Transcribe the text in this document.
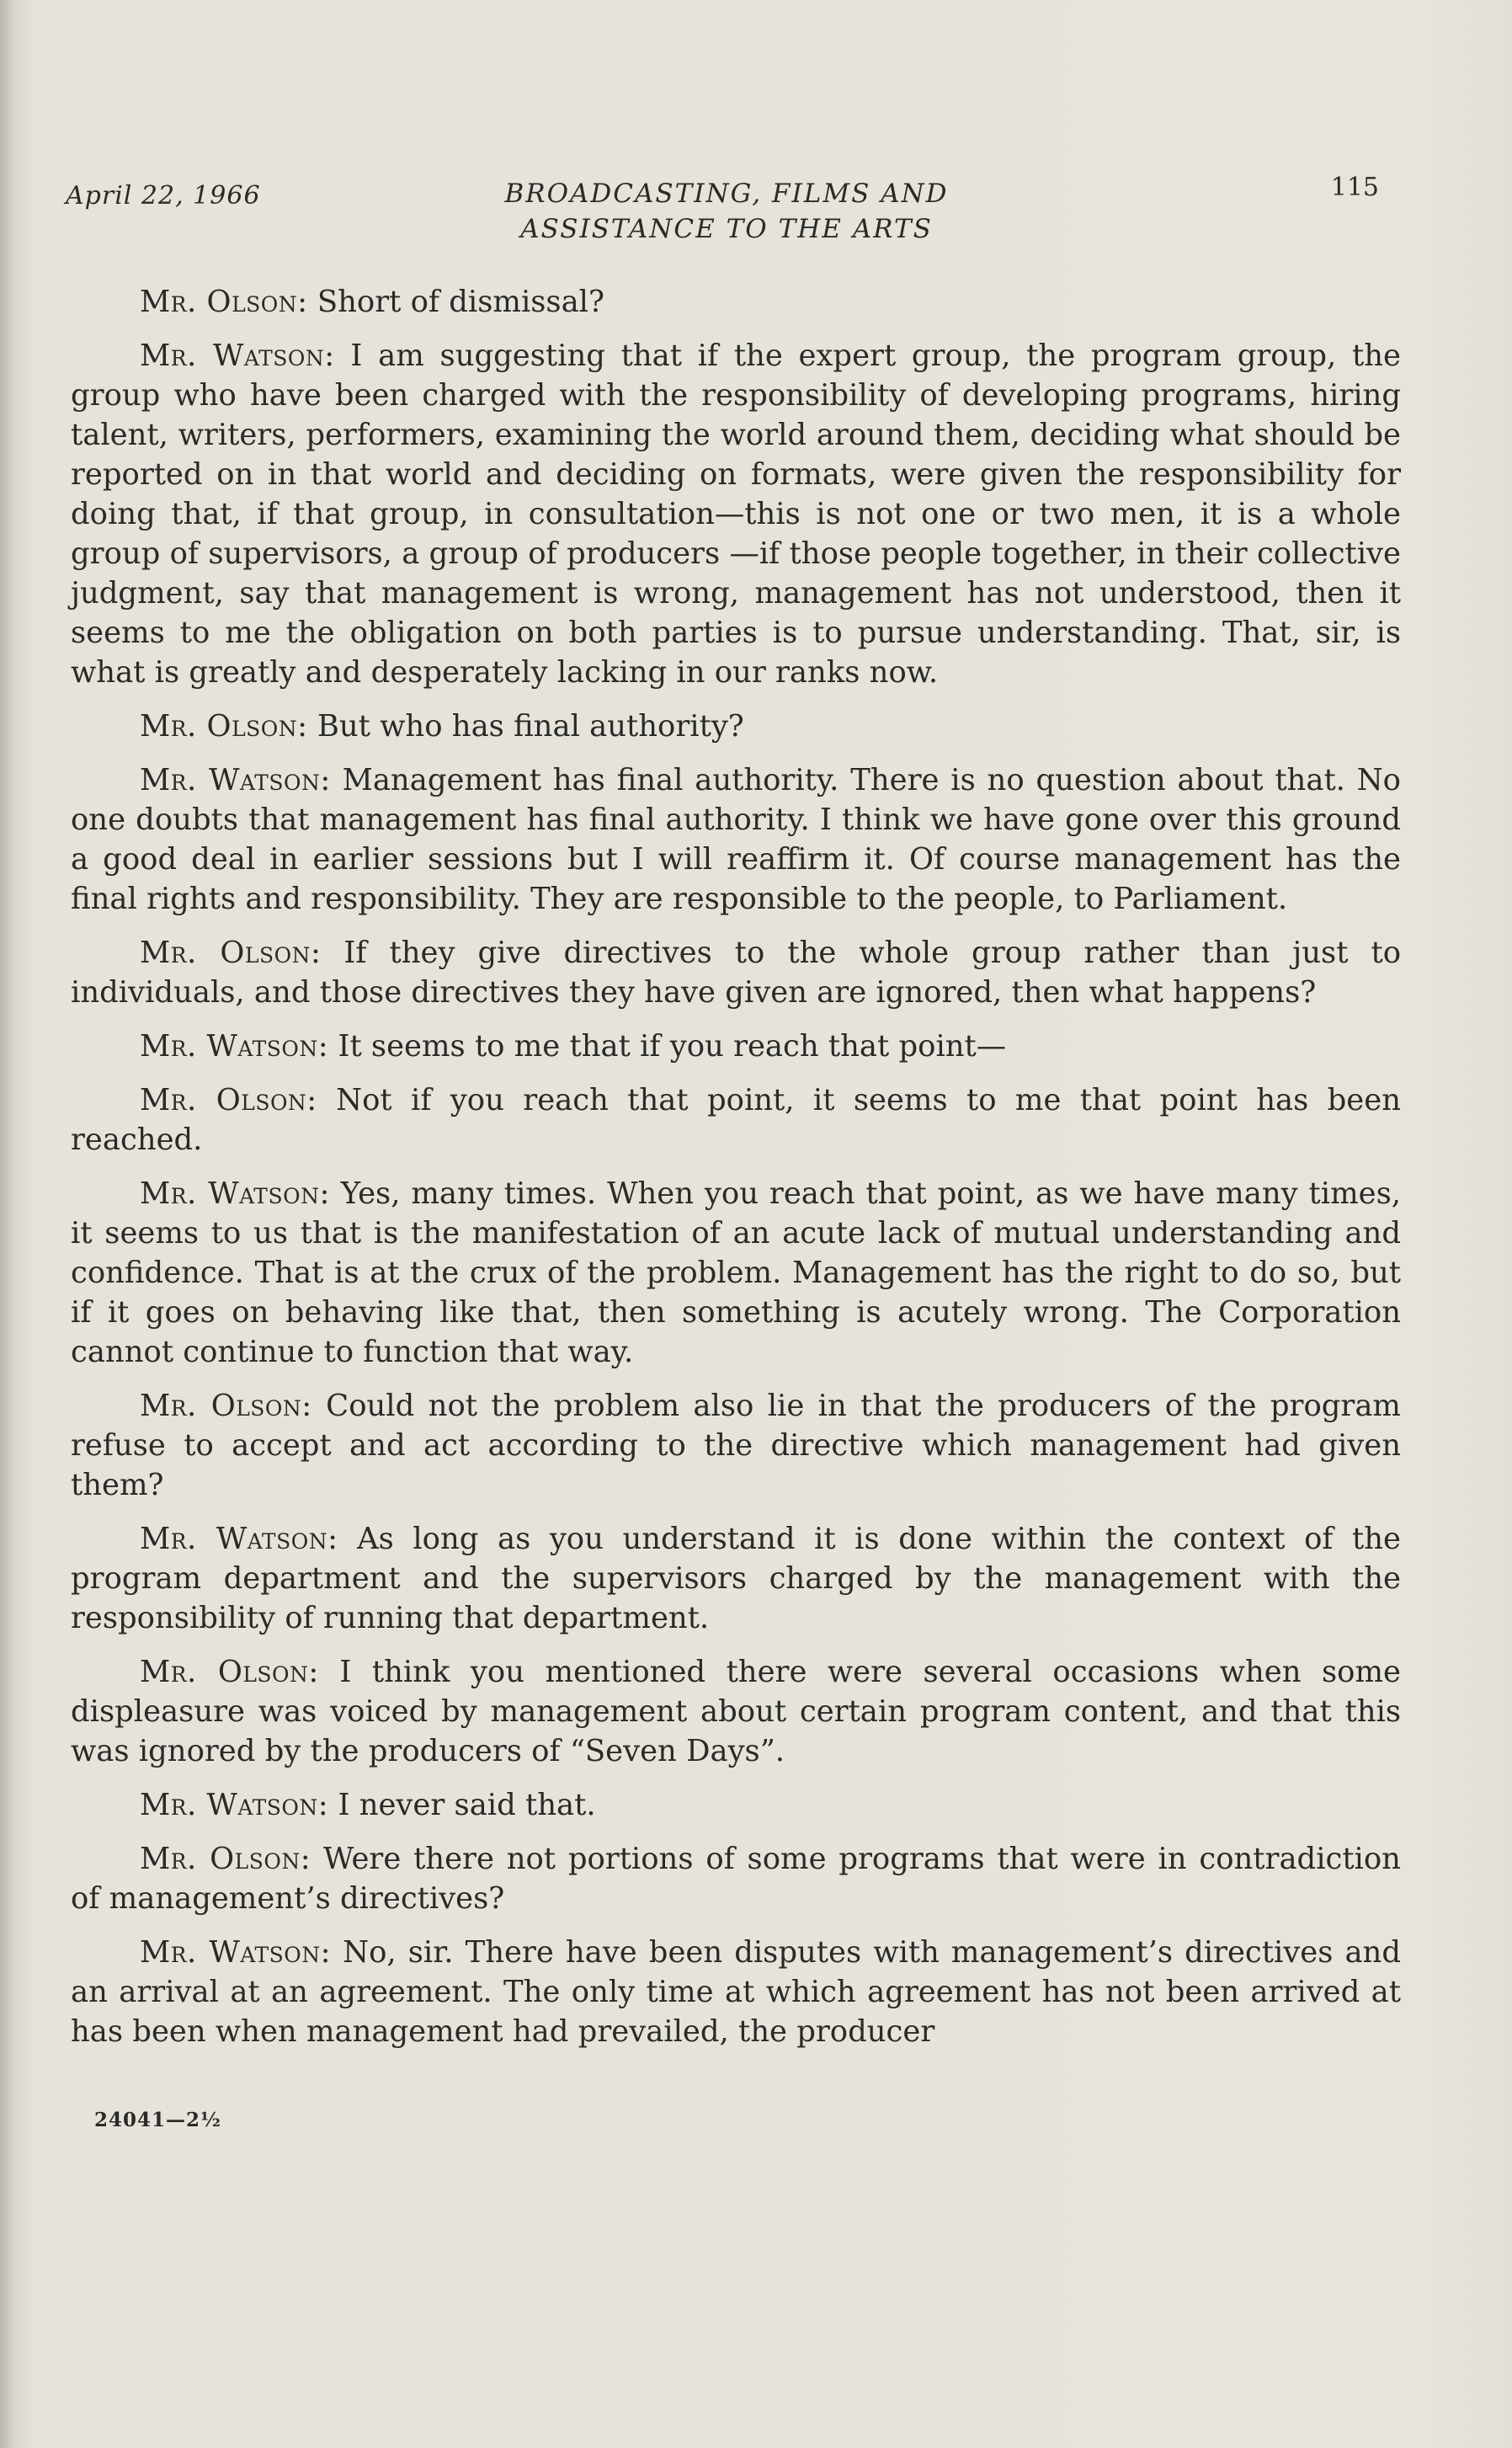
April 22, 1966	BROADCASTING, FILMS AND
ASSISTANCE TO THE ARTS
115

Mr. Olson: Short of dismissal?

Mr. Watson: I am suggesting that if the expert group, the program group, the group who have been charged with the responsibility of developing programs, hiring talent, writers, performers, examining the world around them, deciding what should be reported on in that world and deciding on formats, were given the responsibility for doing that, if that group, in consultation—this is not one or two men, it is a whole group of supervisors, a group of producers —if those people together, in their collective judgment, say that management is wrong, management has not understood, then it seems to me the obligation on both parties is to pursue understanding. That, sir, is what is greatly and desperately lacking in our ranks now.

Mr. Olson: But who has final authority?

Mr. Watson: Management has final authority. There is no question about that. No one doubts that management has final authority. I think we have gone over this ground a good deal in earlier sessions but I will reaffirm it. Of course management has the final rights and responsibility. They are responsible to the people, to Parliament.

Mr. Olson: If they give directives to the whole group rather than just to individuals, and those directives they have given are ignored, then what happens?

Mr. Watson: It seems to me that if you reach that point—

Mr. Olson: Not if you reach that point, it seems to me that point has been reached.

Mr. Watson: Yes, many times. When you reach that point, as we have many times, it seems to us that is the manifestation of an acute lack of mutual understanding and confidence. That is at the crux of the problem. Management has the right to do so, but if it goes on behaving like that, then something is acutely wrong. The Corporation cannot continue to function that way.

Mr. Olson: Could not the problem also lie in that the producers of the program refuse to accept and act according to the directive which management had given them?

Mr. Watson: As long as you understand it is done within the context of the program department and the supervisors charged by the management with the responsibility of running that department.

Mr. Olson: I think you mentioned there were several occasions when some displeasure was voiced by management about certain program content, and that this was ignored by the producers of “Seven Days”.

Mr. Watson: I never said that.

Mr. Olson: Were there not portions of some programs that were in contradiction of management’s directives?

Mr. Watson: No, sir. There have been disputes with management’s directives and an arrival at an agreement. The only time at which agreement has not been arrived at has been when management had prevailed, the producer

24041—2½
